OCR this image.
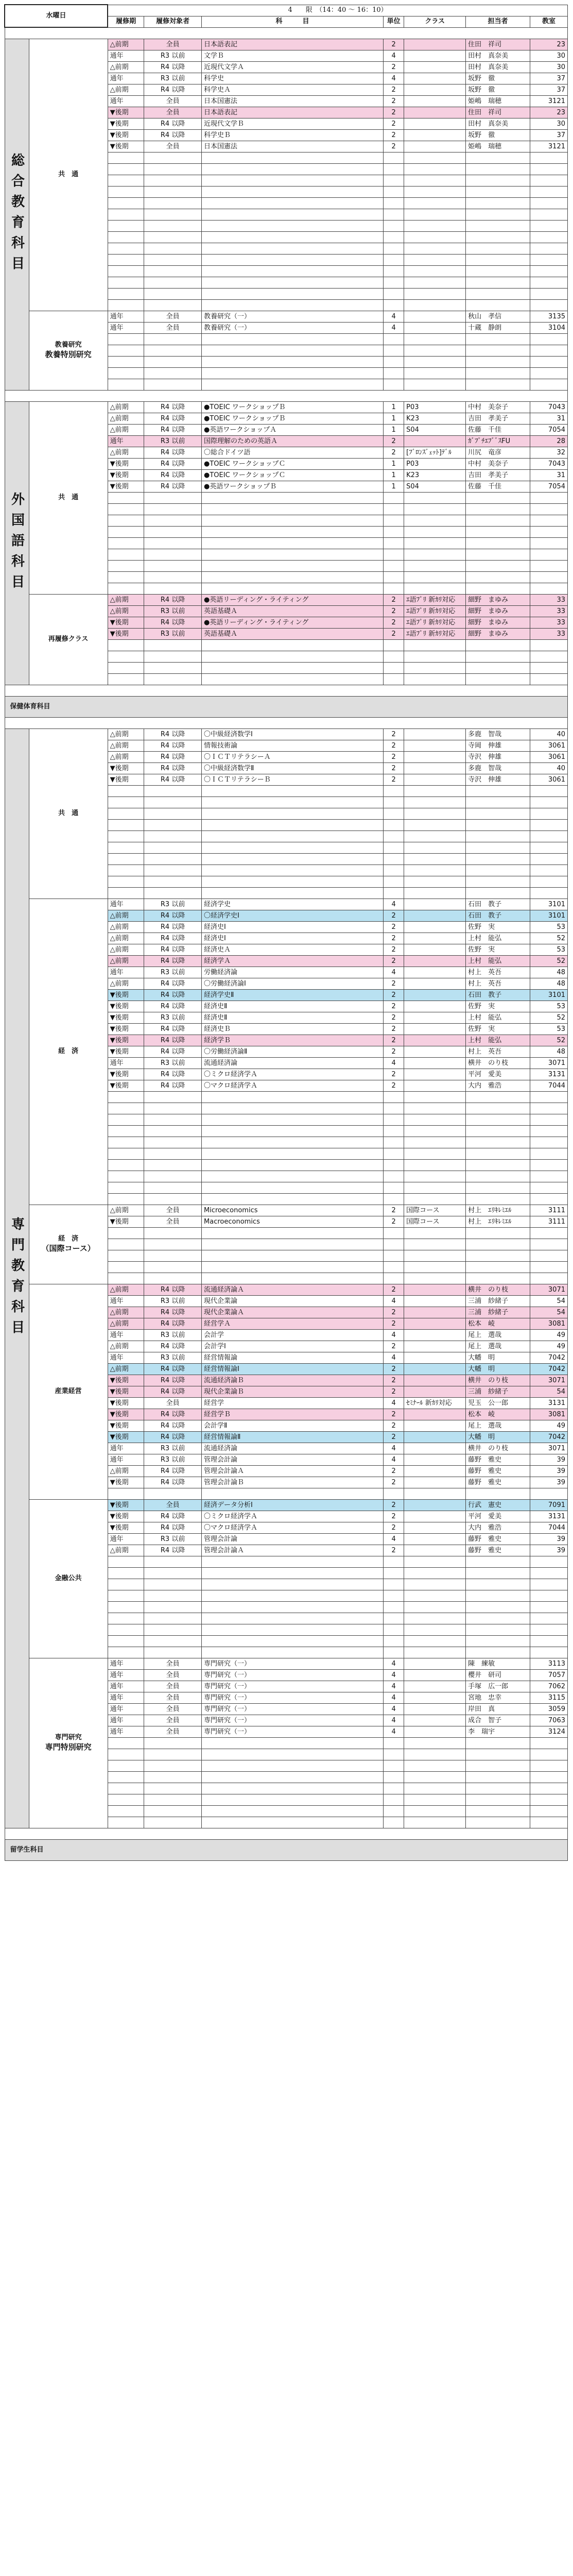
水曜日		4　　限　（14：40 〜 16：10）						
		履修期	履修対象者	科　　　目	単位	クラス	担当者	教室

総合教育科目	共　通	△前期	全員	日本語表記	2		住田　祥司	23
		通年	R3 以前	文学Ｂ	4		田村　真奈美	30
		△前期	R4 以降	近現代文学Ａ	2		田村　真奈美	30
		通年	R3 以前	科学史	4		坂野　徹	37
		△前期	R4 以降	科学史Ａ	2		坂野　徹	37
		通年	全員	日本国憲法	2		姫嶋　瑞穂	3121
		▼後期	全員	日本語表記	2		住田　祥司	23
		▼後期	R4 以降	近現代文学Ｂ	2		田村　真奈美	30
		▼後期	R4 以降	科学史Ｂ	2		坂野　徹	37
		▼後期	全員	日本国憲法	2		姫嶋　瑞穂	3121

	教養研究
教養特別研究	通年	全員	教養研究（一）	4		秋山　孝信	3135
		通年	全員	教養研究（一）	4		十蔵　静朗	3104

外国語科目	共　通	△前期	R4 以降	●TOEIC ワークショップＢ	1	P03	中村　美奈子	7043
		△前期	R4 以降	●TOEIC ワークショップＢ	1	K23	吉田　孝美子	31
		△前期	R4 以降	●英語ワークショップＡ	1	S04	佐藤　千佳	7054
		通年	R3 以前	国際理解のための英語Ａ	2		ｶﾞﾌﾟﾁｴﾌﾞﾞｽFU	28
		△前期	R4 以降	〇総合ドイツ語	2	[ﾌﾞﾛﾝｽﾞｪｯﾄ]ﾃﾞﾙ	川尻　竜彦	32
		▼後期	R4 以降	●TOEIC ワークショップＣ	1	P03	中村　美奈子	7043
		▼後期	R4 以降	●TOEIC ワークショップＣ	1	K23	吉田　孝美子	31
		▼後期	R4 以降	●英語ワークショップＢ	1	S04	佐藤　千佳	7054

	再履修クラス	△前期	R4 以降	●英語リーディング・ライティング	2	ｴ語ﾌﾟﾘ 新ｶﾘ対応	細野　まゆみ	33
		△前期	R3 以前	英語基礎Ａ	2	ｴ語ﾌﾟﾘ 新ｶﾘ対応	細野　まゆみ	33
		▼後期	R4 以降	●英語リーディング・ライティング	2	ｴ語ﾌﾟﾘ 新ｶﾘ対応	細野　まゆみ	33
		▼後期	R3 以前	英語基礎Ａ	2	ｴ語ﾌﾟﾘ 新ｶﾘ対応	細野　まゆみ	33

保健体育科目								

専門教育科目	共　通	△前期	R4 以降	〇中級経済数学Ⅰ	2		多鹿　智哉	40
		△前期	R4 以降	情報技術論	2		寺岡　伸雄	3061
		△前期	R4 以降	〇ＩＣＴリテラシーＡ	2		寺沢　伸雄	3061
		▼後期	R4 以降	〇中級経済数学Ⅱ	2		多鹿　智哉	40
		▼後期	R4 以降	〇ＩＣＴリテラシーＢ	2		寺沢　伸雄	3061

	経　済	通年	R3 以前	経済学史	4		石田　教子	3101
		△前期	R4 以降	〇経済学史Ⅰ	2		石田　教子	3101
		△前期	R4 以降	経済史Ⅰ	2		佐野　実	53
		△前期	R4 以降	経済史Ⅰ	2		上村　能弘	52
		△前期	R4 以降	経済史Ａ	2		佐野　実	53
		△前期	R4 以降	経済学Ａ	2		上村　能弘	52
		通年	R3 以前	労働経済論	4		村上　英吾	48
		△前期	R4 以降	〇労働経済論Ⅰ	2		村上　英吾	48
		▼後期	R4 以降	経済学史Ⅱ	2		石田　教子	3101
		▼後期	R4 以降	経済史Ⅱ	2		佐野　実	53
		▼後期	R3 以前	経済史Ⅱ	2		上村　能弘	52
		▼後期	R4 以降	経済史Ｂ	2		佐野　実	53
		▼後期	R4 以降	経済学Ｂ	2		上村　能弘	52
		▼後期	R4 以降	〇労働経済論Ⅱ	2		村上　英吾	48
		通年	R3 以前	流通経済論	4		横井　のり枝	3071
		▼後期	R4 以降	〇ミクロ経済学Ａ	2		平河　愛美	3131
		▼後期	R4 以降	〇マクロ経済学Ａ	2		大内　雅浩	7044

	経　済
（国際コース）	△前期	全員	Microeconomics	2	国際コース	村上　ｴﾘｷﾚﾐｴﾙ	3111
		▼後期	全員	Macroeconomics	2	国際コース	村上　ｴﾘｷﾚﾐｴﾙ	3111

	産業経営	△前期	R4 以降	流通経済論Ａ	2		横井　のり枝	3071
		通年	R3 以前	現代企業論	4		三浦　紗緒子	54
		△前期	R4 以降	現代企業論Ａ	2		三浦　紗緒子	54
		△前期	R4 以降	経営学Ａ	2		松本　崚	3081
		通年	R3 以前	会計学	4		尾上　選哉	49
		△前期	R4 以降	会計学Ⅰ	2		尾上　選哉	49
		通年	R3 以前	経営情報論	4		大幡　明	7042
		△前期	R4 以降	経営情報論Ⅰ	2		大幡　明	7042
		▼後期	R4 以降	流通経済論Ｂ	2		横井　のり枝	3071
		▼後期	R4 以降	現代企業論Ｂ	2		三浦　紗緒子	54
		▼後期	全員	経営学	4	ｾﾐﾅｰﾙ 新ｶﾘ対応	児玉　公一郎	3131
		▼後期	R4 以降	経営学Ｂ	2		松本　崚	3081
		▼後期	R4 以降	会計学Ⅱ	2		尾上　選哉	49
		▼後期	R4 以降	経営情報論Ⅱ	2		大幡　明	7042
		通年	R3 以前	流通経済論	4		横井　のり枝	3071
		通年	R3 以前	管理会計論	4		藤野　雅史	39
		△前期	R4 以降	管理会計論Ａ	2		藤野　雅史	39
		▼後期	R4 以降	管理会計論Ｂ	2		藤野　雅史	39

	金融公共	▼後期	全員	経済データ分析Ⅰ	2		行武　憲史	7091
		▼後期	R4 以降	〇ミクロ経済学Ａ	2		平河　愛美	3131
		▼後期	R4 以降	〇マクロ経済学Ａ	2		大内　雅浩	7044
		通年	R3 以前	管理会計論	4		藤野　雅史	39
		△前期	R4 以降	管理会計論Ａ	2		藤野　雅史	39

	専門研究
専門特別研究	通年	全員	専門研究（一）	4		陳　練敏	3113
		通年	全員	専門研究（一）	4		櫻井　研司	7057
		通年	全員	専門研究（一）	4		手塚　広一郎	7062
		通年	全員	専門研究（一）	4		宮地　忠幸	3115
		通年	全員	専門研究（一）	4		岸田　真	3059
		通年	全員	専門研究（一）	4		成合　智子	7063
		通年	全員	専門研究（一）	4		李　瑞宇	3124

留学生科目								
